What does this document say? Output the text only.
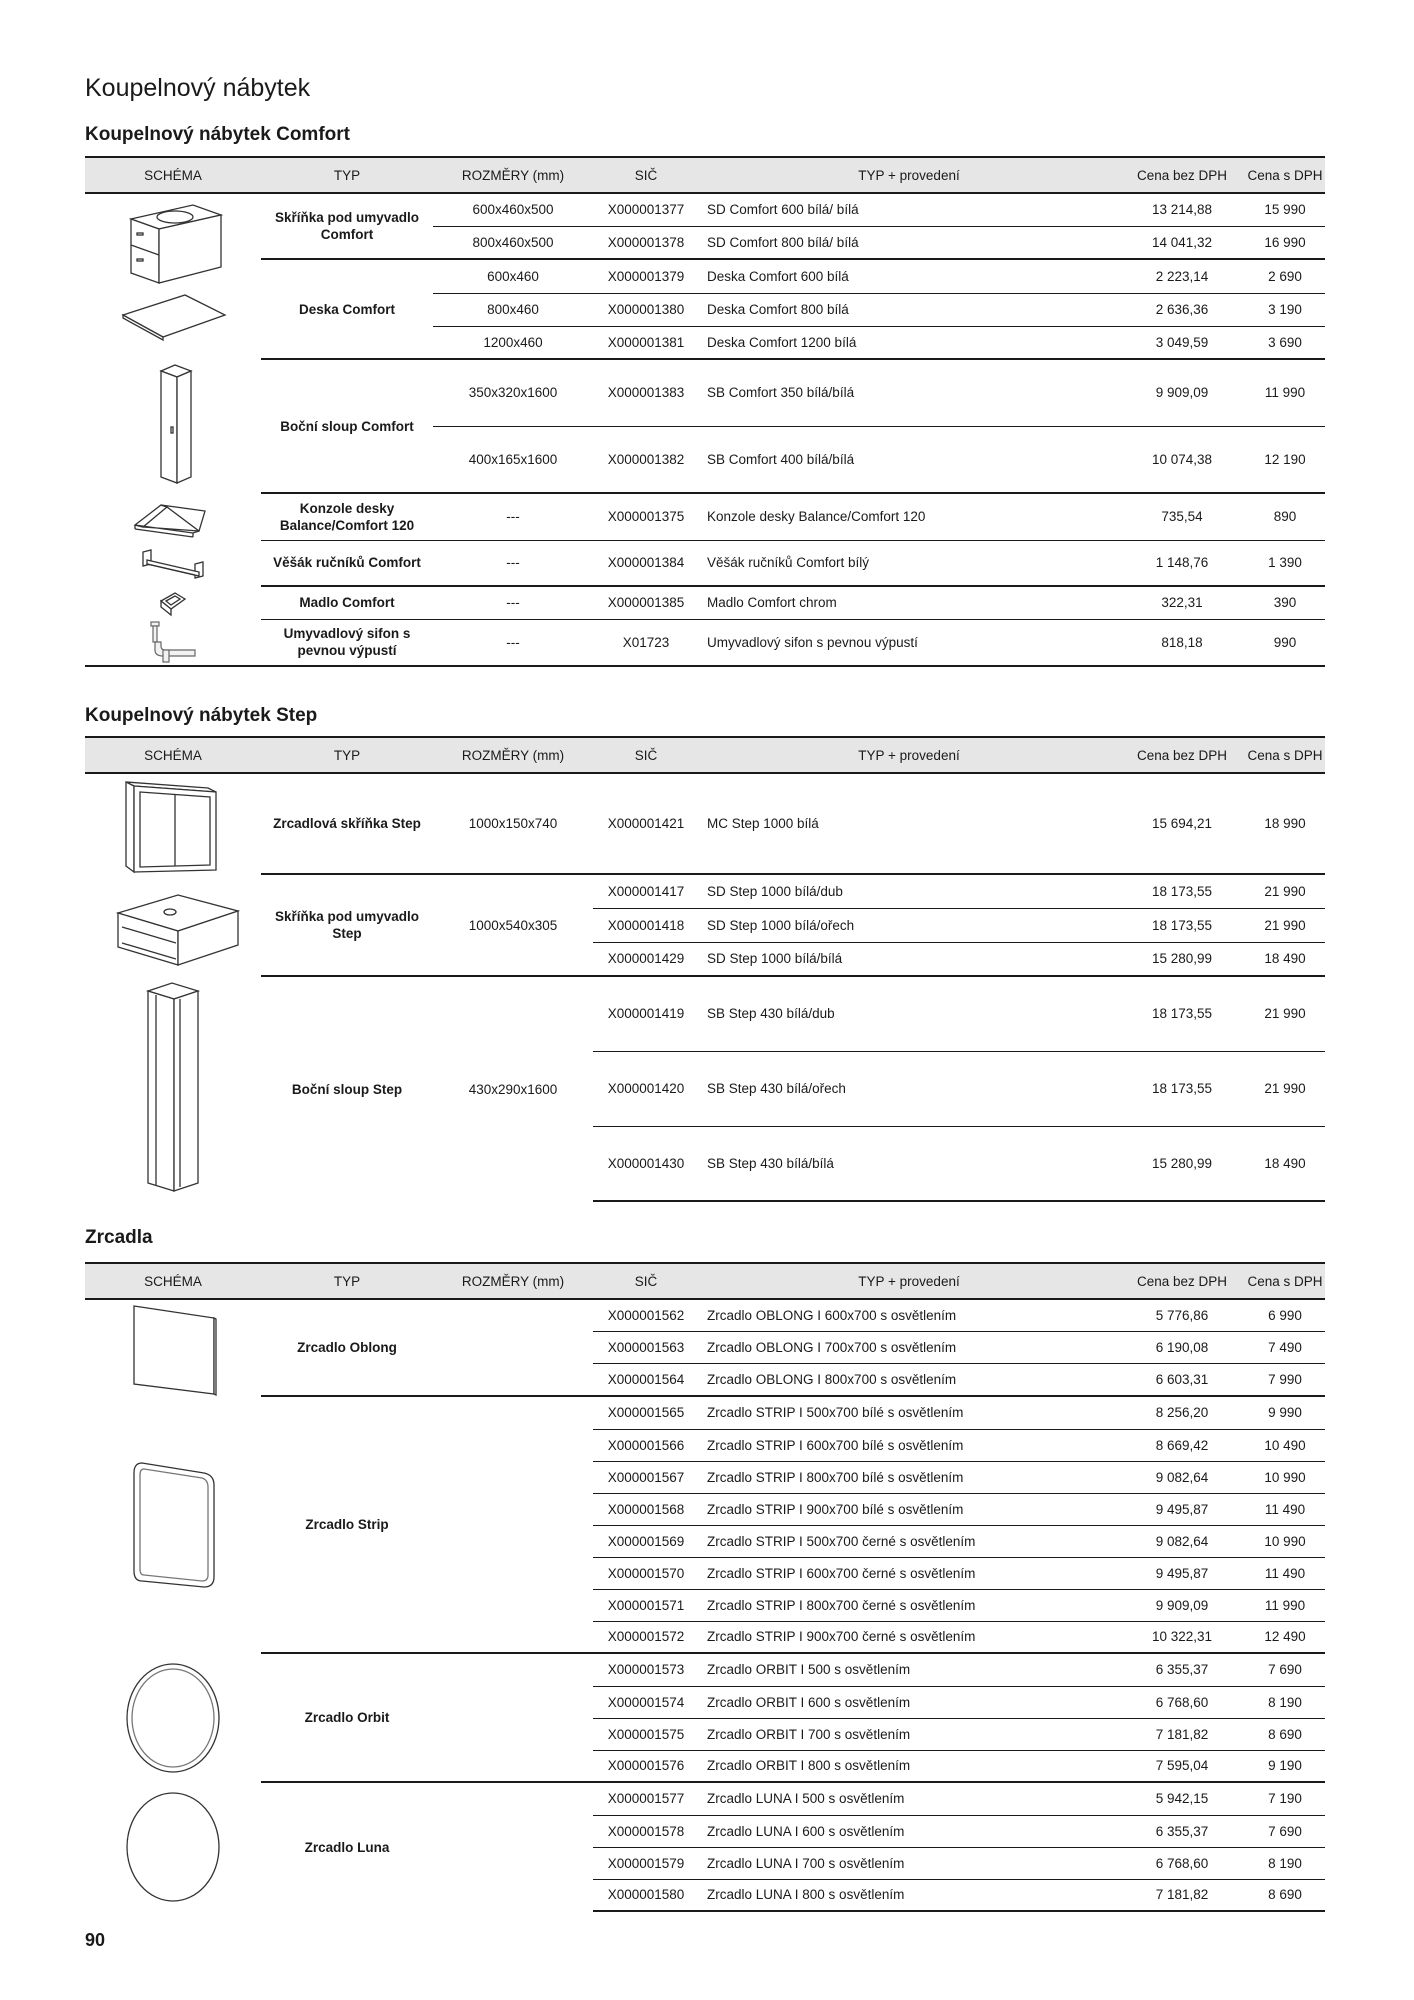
Koupelnový nábytek
Koupelnový nábytek Comfort
SCHÉMA	TYP	ROZMĚRY (mm)	SIČ	TYP + provedení	Cena bez DPH	Cena s DPH

	Skříňka pod umyvadlo Comfort	600x460x500	X000001377	SD Comfort 600 bílá/ bílá	13 214,88	15 990
		800x460x500	X000001378	SD Comfort 800 bílá/ bílá	14 041,32	16 990
	Deska Comfort	600x460	X000001379	Deska Comfort 600 bílá	2 223,14	2 690
		800x460	X000001380	Deska Comfort 800 bílá	2 636,36	3 190
		1200x460	X000001381	Deska Comfort 1200 bílá	3 049,59	3 690

	Boční sloup Comfort	350x320x1600	X000001383	SB Comfort 350 bílá/bílá	9 909,09	11 990
		400x165x1600	X000001382	SB Comfort 400 bílá/bílá	10 074,38	12 190

	Konzole desky Balance/Comfort 120	---	X000001375	Konzole desky Balance/Comfort 120	735,54	890

	Věšák ručníků Comfort	---	X000001384	Věšák ručníků Comfort bílý	1 148,76	1 390

	Madlo Comfort	---	X000001385	Madlo Comfort chrom	322,31	390

	Umyvadlový sifon s pevnou výpustí	---	X01723	Umyvadlový sifon s pevnou výpustí	818,18	990
Koupelnový nábytek Step
SCHÉMA	TYP	ROZMĚRY (mm)	SIČ	TYP + provedení	Cena bez DPH	Cena s DPH

	Zrcadlová skříňka Step	1000x150x740	X000001421	MC Step 1000 bílá	15 694,21	18 990

	Skříňka pod umyvadlo Step	1000x540x305	X000001417	SD Step 1000 bílá/dub	18 173,55	21 990
			X000001418	SD Step 1000 bílá/ořech	18 173,55	21 990
			X000001429	SD Step 1000 bílá/bílá	15 280,99	18 490

	Boční sloup Step	430x290x1600	X000001419	SB Step 430 bílá/dub	18 173,55	21 990
			X000001420	SB Step 430 bílá/ořech	18 173,55	21 990
			X000001430	SB Step 430 bílá/bílá	15 280,99	18 490
Zrcadla
SCHÉMA	TYP	ROZMĚRY (mm)	SIČ	TYP + provedení	Cena bez DPH	Cena s DPH

	Zrcadlo Oblong		X000001562	Zrcadlo OBLONG I 600x700 s osvětlením	5 776,86	6 990
			X000001563	Zrcadlo OBLONG I 700x700 s osvětlením	6 190,08	7 490
			X000001564	Zrcadlo OBLONG I 800x700 s osvětlením	6 603,31	7 990

	Zrcadlo Strip		X000001565	Zrcadlo STRIP I 500x700 bílé s osvětlením	8 256,20	9 990
			X000001566	Zrcadlo STRIP I 600x700 bílé s osvětlením	8 669,42	10 490
			X000001567	Zrcadlo STRIP I 800x700 bílé s osvětlením	9 082,64	10 990
			X000001568	Zrcadlo STRIP I 900x700 bílé s osvětlením	9 495,87	11 490
			X000001569	Zrcadlo STRIP I 500x700 černé s osvětlením	9 082,64	10 990
			X000001570	Zrcadlo STRIP I 600x700 černé s osvětlením	9 495,87	11 490
			X000001571	Zrcadlo STRIP I 800x700 černé s osvětlením	9 909,09	11 990
			X000001572	Zrcadlo STRIP I 900x700 černé s osvětlením	10 322,31	12 490

	Zrcadlo Orbit		X000001573	Zrcadlo ORBIT I 500 s osvětlením	6 355,37	7 690
			X000001574	Zrcadlo ORBIT I 600 s osvětlením	6 768,60	8 190
			X000001575	Zrcadlo ORBIT I 700 s osvětlením	7 181,82	8 690
			X000001576	Zrcadlo ORBIT I 800 s osvětlením	7 595,04	9 190

	Zrcadlo Luna		X000001577	Zrcadlo LUNA I 500 s osvětlením	5 942,15	7 190
			X000001578	Zrcadlo LUNA I 600 s osvětlením	6 355,37	7 690
			X000001579	Zrcadlo LUNA I 700 s osvětlením	6 768,60	8 190
			X000001580	Zrcadlo LUNA I 800 s osvětlením	7 181,82	8 690
90
